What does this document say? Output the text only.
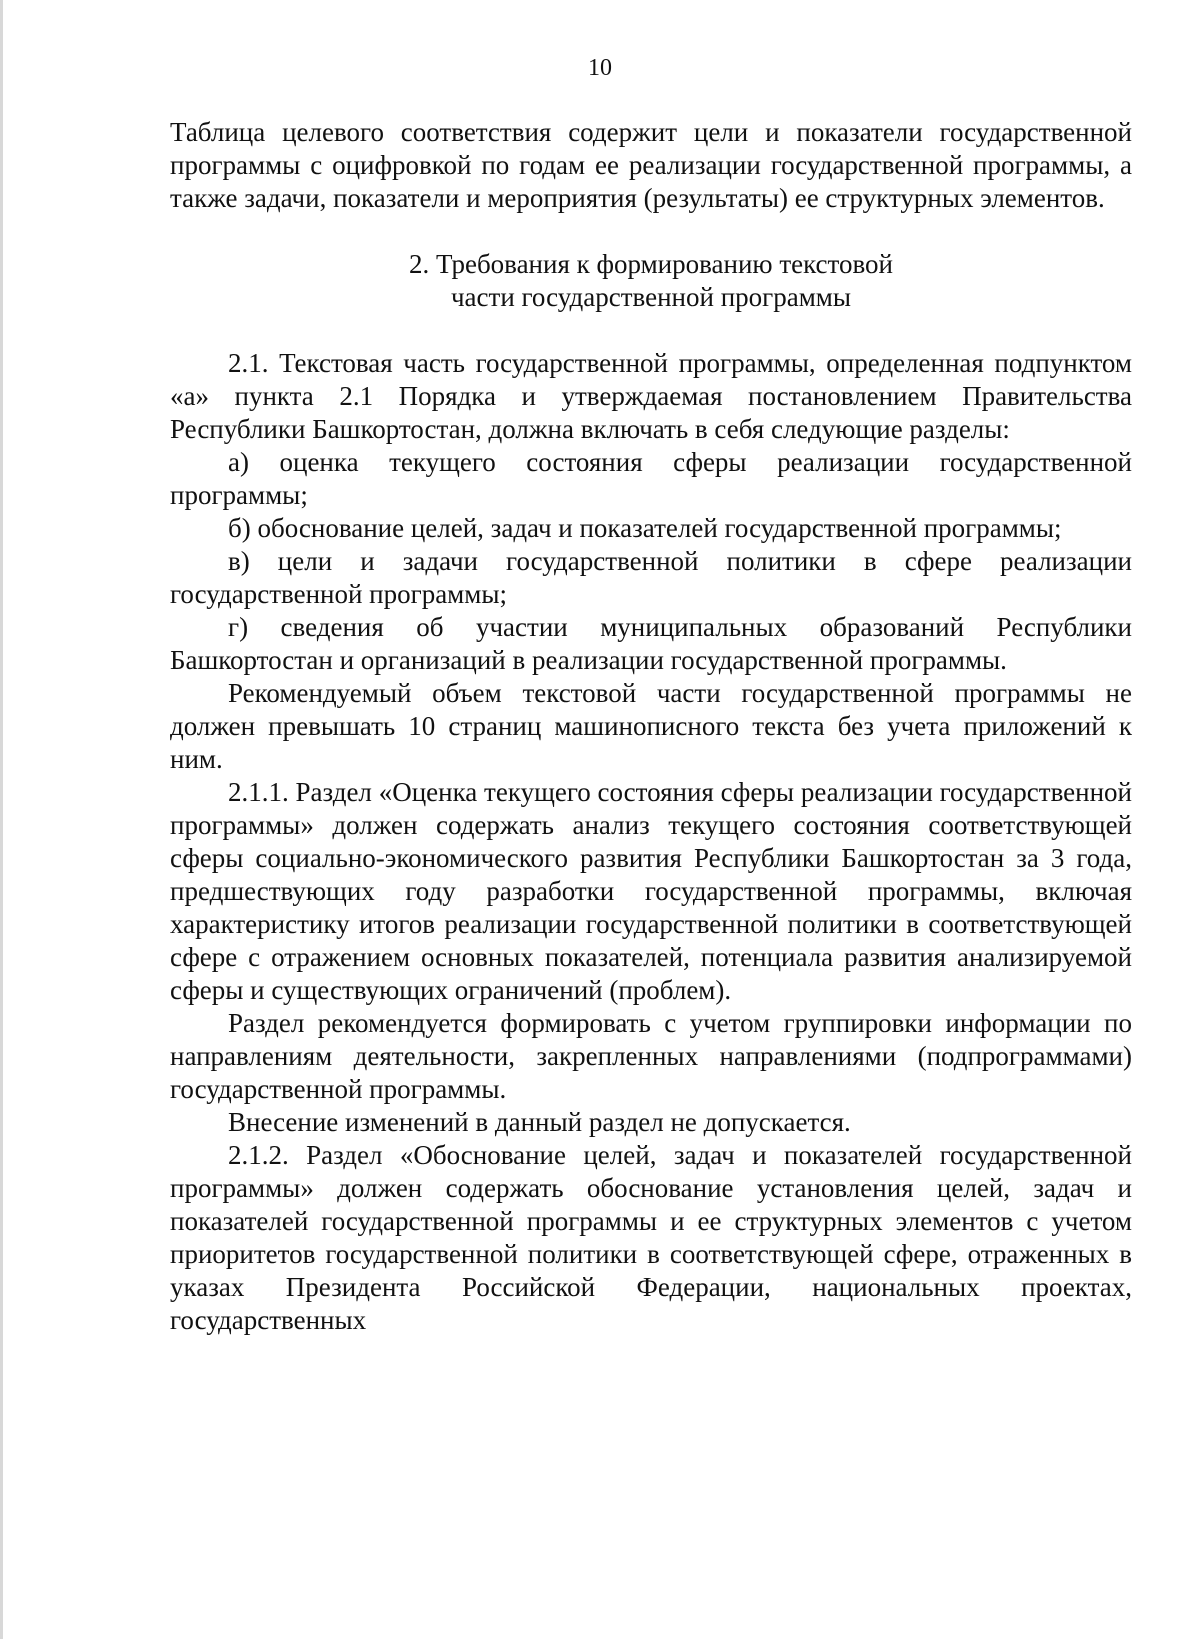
10

Таблица целевого соответствия содержит цели и показатели государственной программы с оцифровкой по годам ее реализации государственной программы, а также задачи, показатели и мероприятия (результаты) ее структурных элементов.

2. Требования к формированию текстовой
части государственной программы

2.1. Текстовая часть государственной программы, определенная подпунктом «а» пункта 2.1 Порядка и утверждаемая постановлением Правительства Республики Башкортостан, должна включать в себя следующие разделы:

а) оценка текущего состояния сферы реализации государственной программы;

б) обоснование целей, задач и показателей государственной программы;

в) цели и задачи государственной политики в сфере реализации государственной программы;

г) сведения об участии муниципальных образований Республики Башкортостан и организаций в реализации государственной программы.

Рекомендуемый объем текстовой части государственной программы не должен превышать 10 страниц машинописного текста без учета приложений к ним.

2.1.1. Раздел «Оценка текущего состояния сферы реализации государственной программы» должен содержать анализ текущего состояния соответствующей сферы социально-экономического развития Республики Башкортостан за 3 года, предшествующих году разработки государственной программы, включая характеристику итогов реализации государственной политики в соответствующей сфере с отражением основных показателей, потенциала развития анализируемой сферы и существующих ограничений (проблем).

Раздел рекомендуется формировать с учетом группировки информации по направлениям деятельности, закрепленных направлениями (подпрограммами) государственной программы.

Внесение изменений в данный раздел не допускается.

2.1.2. Раздел «Обоснование целей, задач и показателей государственной программы» должен содержать обоснование установления целей, задач и показателей государственной программы и ее структурных элементов с учетом приоритетов государственной политики в соответствующей сфере, отраженных в указах Президента Российской Федерации, национальных проектах, государственных
